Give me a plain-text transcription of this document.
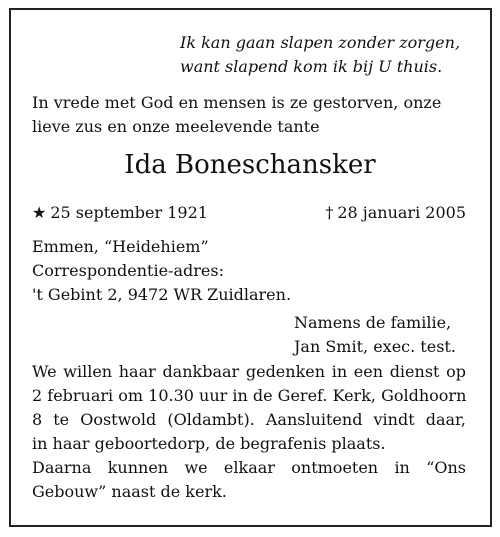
Ik kan gaan slapen zonder zorgen,
want slapend kom ik bij U thuis.
In vrede met God en mensen is ze gestorven, onze
lieve zus en onze meelevende tante
Ida Boneschansker
★ 25 september 1921	† 28 januari 2005
Emmen, “Heidehiem”
Correspondentie-adres:
't Gebint 2, 9472 WR Zuidlaren.
Namens de familie,
Jan Smit, exec. test.
We willen haar dankbaar gedenken in een dienst op
2 februari om 10.30 uur in de Geref. Kerk, Goldhoorn
8 te Oostwold (Oldambt). Aansluitend vindt daar,
in haar geboortedorp, de begrafenis plaats.
Daarna kunnen we elkaar ontmoeten in “Ons
Gebouw” naast de kerk.
